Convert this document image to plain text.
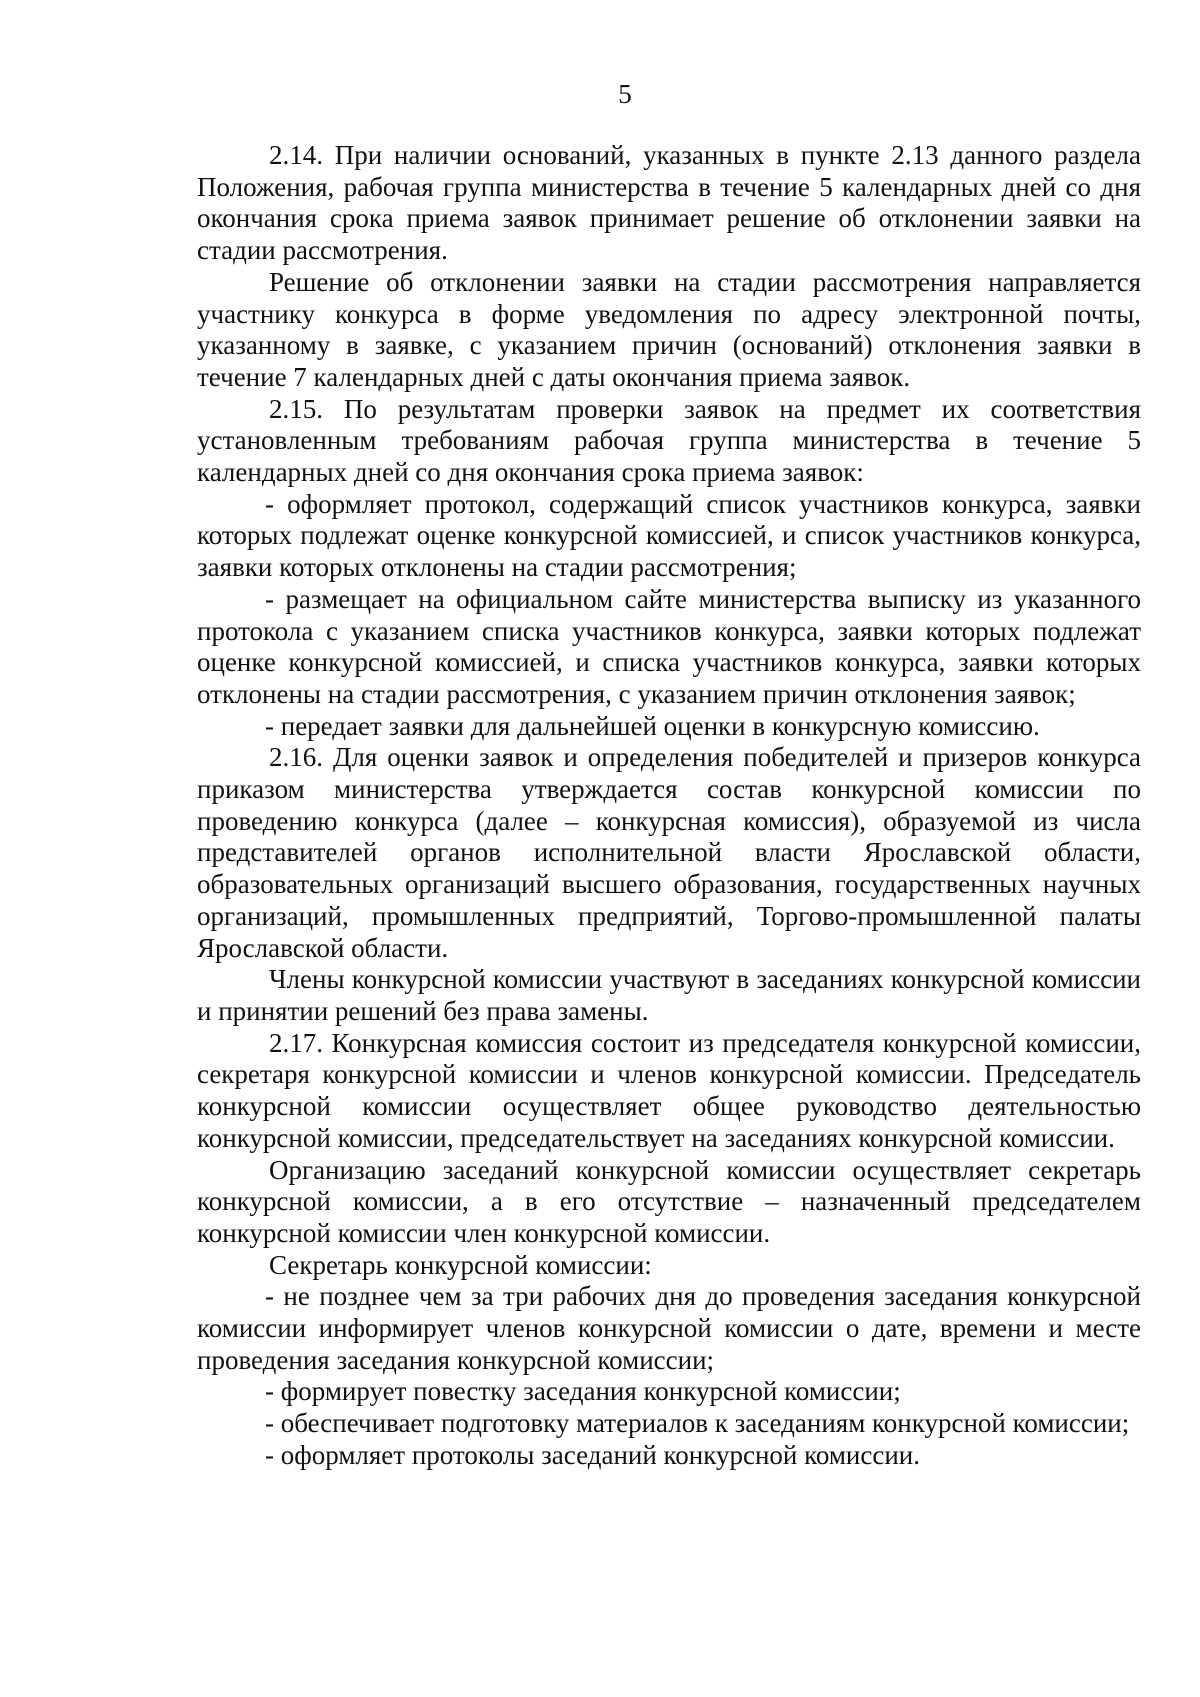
5

2.14. При наличии оснований, указанных в пункте 2.13 данного раздела Положения, рабочая группа министерства в течение 5 календарных дней со дня окончания срока приема заявок принимает решение об отклонении заявки на стадии рассмотрения.

Решение об отклонении заявки на стадии рассмотрения направляется участнику конкурса в форме уведомления по адресу электронной почты, указанному в заявке, с указанием причин (оснований) отклонения заявки в течение 7 календарных дней с даты окончания приема заявок.

2.15. По результатам проверки заявок на предмет их соответствия установленным требованиям рабочая группа министерства в течение 5 календарных дней со дня окончания срока приема заявок:

- оформляет протокол, содержащий список участников конкурса, заявки которых подлежат оценке конкурсной комиссией, и список участников конкурса, заявки которых отклонены на стадии рассмотрения;

- размещает на официальном сайте министерства выписку из указанного протокола с указанием списка участников конкурса, заявки которых подлежат оценке конкурсной комиссией, и списка участников конкурса, заявки которых отклонены на стадии рассмотрения, с указанием причин отклонения заявок;

- передает заявки для дальнейшей оценки в конкурсную комиссию.

2.16. Для оценки заявок и определения победителей и призеров конкурса приказом министерства утверждается состав конкурсной комиссии по проведению конкурса (далее – конкурсная комиссия), образуемой из числа представителей органов исполнительной власти Ярославской области, образовательных организаций высшего образования, государственных научных организаций, промышленных предприятий, Торгово-промышленной палаты Ярославской области.

Члены конкурсной комиссии участвуют в заседаниях конкурсной комиссии и принятии решений без права замены.

2.17. Конкурсная комиссия состоит из председателя конкурсной комиссии, секретаря конкурсной комиссии и членов конкурсной комиссии. Председатель конкурсной комиссии осуществляет общее руководство деятельностью конкурсной комиссии, председательствует на заседаниях конкурсной комиссии.

Организацию заседаний конкурсной комиссии осуществляет секретарь конкурсной комиссии, а в его отсутствие – назначенный председателем конкурсной комиссии член конкурсной комиссии.

Секретарь конкурсной комиссии:

- не позднее чем за три рабочих дня до проведения заседания конкурсной комиссии информирует членов конкурсной комиссии о дате, времени и месте проведения заседания конкурсной комиссии;

- формирует повестку заседания конкурсной комиссии;

- обеспечивает подготовку материалов к заседаниям конкурсной комиссии;

- оформляет протоколы заседаний конкурсной комиссии.
